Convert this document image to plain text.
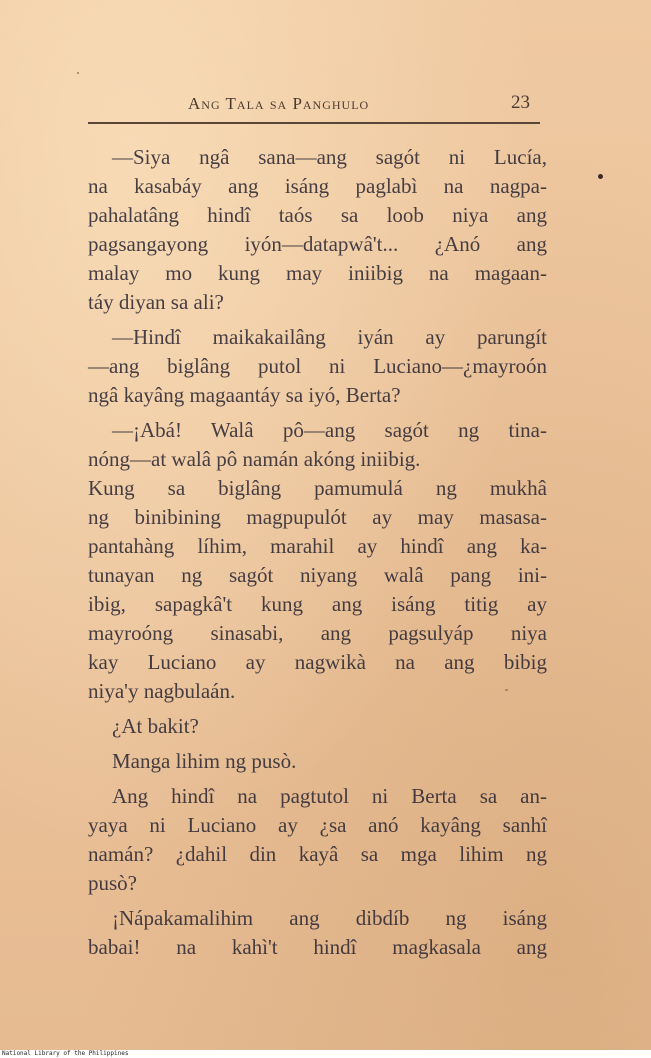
Ang Tala sa Panghulo	23
—Siya ngâ sana—ang sagót ni Lucía,
na kasabáy ang isáng paglabì na nagpa-
pahalatâng hindî taós sa loob niya ang
pagsangayong iyón—datapwâ't... ¿Anó ang
malay mo kung may iniibig na magaan-
táy diyan sa ali?
—Hindî maikakailâng iyán ay parungít
—ang biglâng putol ni Luciano—¿mayroón
ngâ kayâng magaantáy sa iyó, Berta?
—¡Abá! Walâ pô—ang sagót ng tina-
nóng—at walâ pô namán akóng iniibig.
Kung sa biglâng pamumulá ng mukhâ
ng binibining magpupulót ay may masasa-
pantahàng líhim, marahil ay hindî ang ka-
tunayan ng sagót niyang walâ pang ini-
ibig, sapagkâ't kung ang isáng titig ay
mayroóng sinasabi, ang pagsulyáp niya
kay Luciano ay nagwikà na ang bibig
niya'y nagbulaán.
¿At bakit?
Manga lihim ng pusò.
Ang hindî na pagtutol ni Berta sa an-
yaya ni Luciano ay ¿sa anó kayâng sanhî
namán? ¿dahil din kayâ sa mga lihim ng
pusò?
¡Nápakamalihim ang dibdíb ng isáng
babai! na kahì't hindî magkasala ang
National Library of the Philippines
